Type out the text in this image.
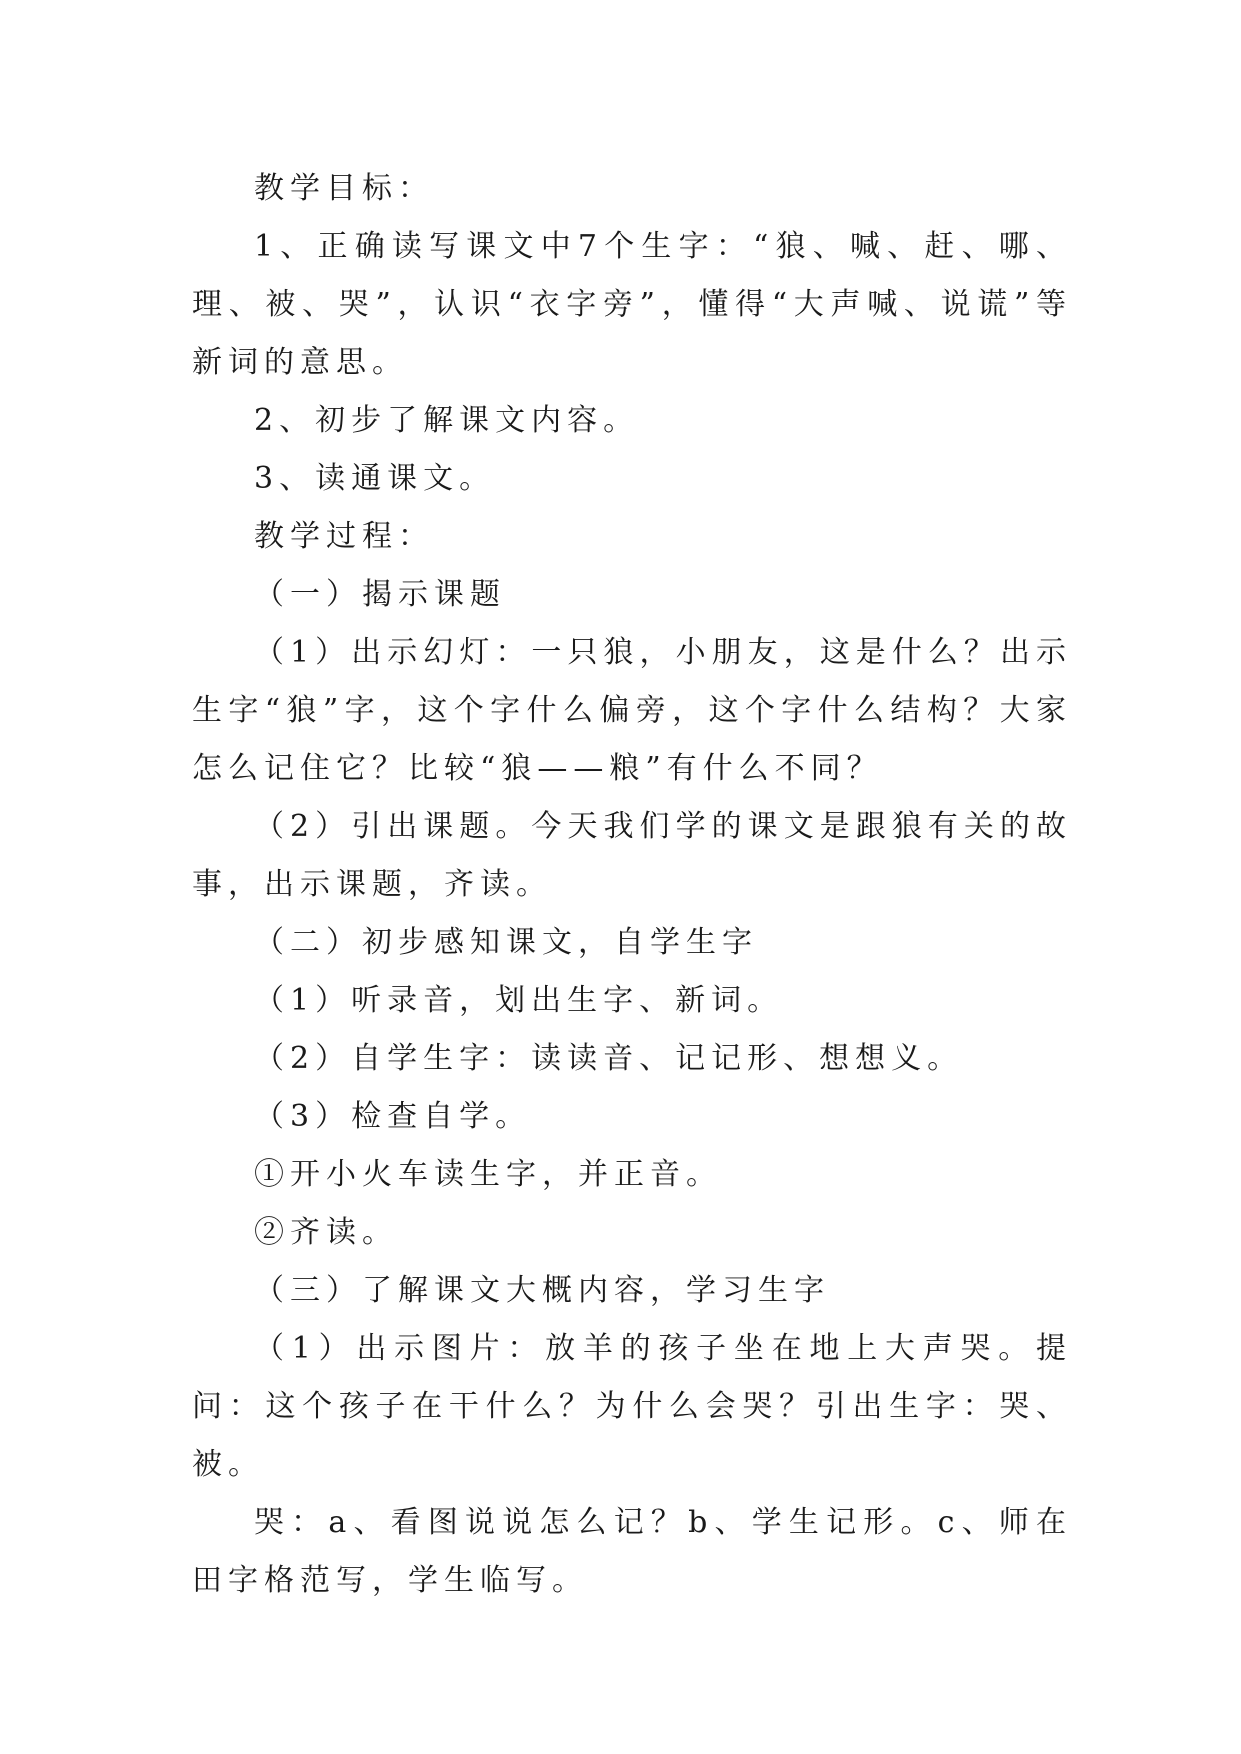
教学目标：

1、正确读写课文中7个生字：“狼、喊、赶、哪、理、被、哭”，认识“衣字旁”，懂得“大声喊、说谎”等新词的意思。

2、初步了解课文内容。

3、读通课文。

教学过程：

（一）揭示课题

（1）出示幻灯：一只狼，小朋友，这是什么？出示生字“狼”字，这个字什么偏旁，这个字什么结构？大家怎么记住它？比较“狼——粮”有什么不同？

（2）引出课题。今天我们学的课文是跟狼有关的故事，出示课题，齐读。

（二）初步感知课文，自学生字

（1）听录音，划出生字、新词。

（2）自学生字：读读音、记记形、想想义。

（3）检查自学。

①开小火车读生字，并正音。

②齐读。

（三）了解课文大概内容，学习生字

（1）出示图片：放羊的孩子坐在地上大声哭。提问：这个孩子在干什么？为什么会哭？引出生字：哭、被。

哭：a、看图说说怎么记？b、学生记形。c、师在田字格范写，学生临写。
